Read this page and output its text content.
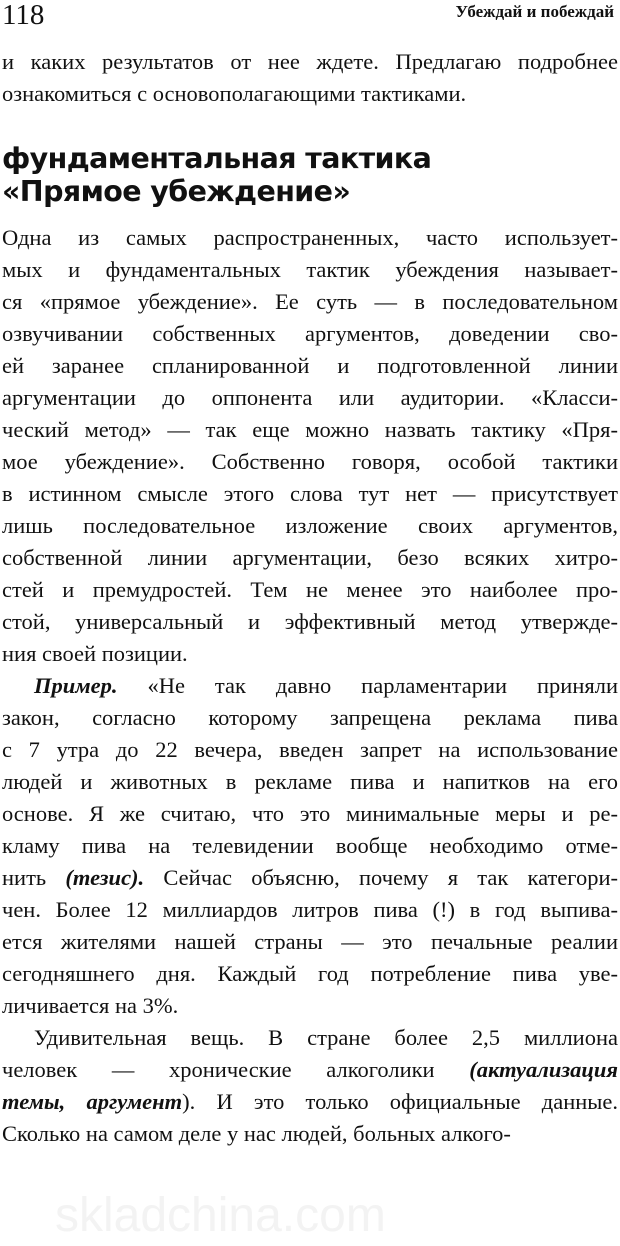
118	Убеждай и побеждай
и каких результатов от нее ждете. Предлагаю подробнее
ознакомиться с основополагающими тактиками.
фундаментальная тактика
«Прямое убеждение»
Одна из самых распространенных, часто использует-
мых и фундаментальных тактик убеждения называет-
ся «прямое убеждение». Ее суть — в последовательном
озвучивании собственных аргументов, доведении сво-
ей заранее спланированной и подготовленной линии
аргументации до оппонента или аудитории. «Класси-
ческий метод» — так еще можно назвать тактику «Пря-
мое убеждение». Собственно говоря, особой тактики
в истинном смысле этого слова тут нет — присутствует
лишь последовательное изложение своих аргументов,
собственной линии аргументации, безо всяких хитро-
стей и премудростей. Тем не менее это наиболее про-
стой, универсальный и эффективный метод утвержде-
ния своей позиции.
Пример. «Не так давно парламентарии приняли
закон, согласно которому запрещена реклама пива
с 7 утра до 22 вечера, введен запрет на использование
людей и животных в рекламе пива и напитков на его
основе. Я же считаю, что это минимальные меры и ре-
кламу пива на телевидении вообще необходимо отме-
нить (тезис). Сейчас объясню, почему я так категори-
чен. Более 12 миллиардов литров пива (!) в год выпива-
ется жителями нашей страны — это печальные реалии
сегодняшнего дня. Каждый год потребление пива уве-
личивается на 3%.
Удивительная вещь. В стране более 2,5 миллиона
человек — хронические алкоголики (актуализация
темы, аргумент). И это только официальные данные.
Сколько на самом деле у нас людей, больных алкого-
skladchina.com
